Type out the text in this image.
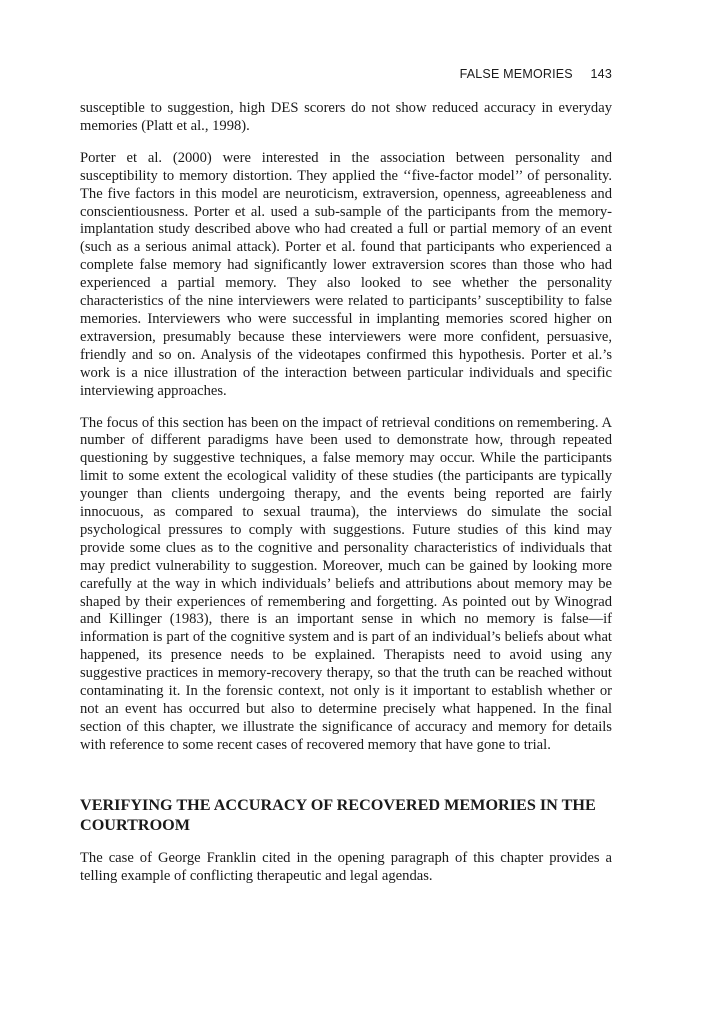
FALSE MEMORIES 143

susceptible to suggestion, high DES scorers do not show reduced accuracy in everyday memories (Platt et al., 1998).

Porter et al. (2000) were interested in the association between personality and susceptibility to memory distortion. They applied the ‘‘five-factor model’’ of personality. The five factors in this model are neuroticism, extraversion, openness, agreeableness and conscientiousness. Porter et al. used a sub-sample of the participants from the memory-implantation study described above who had created a full or partial memory of an event (such as a serious animal attack). Porter et al. found that participants who experienced a complete false memory had significantly lower extraversion scores than those who had experienced a partial memory. They also looked to see whether the personality characteristics of the nine interviewers were related to participants’ susceptibility to false memories. Interviewers who were successful in implanting memories scored higher on extraversion, presumably because these interviewers were more confident, persuasive, friendly and so on. Analysis of the videotapes confirmed this hypothesis. Porter et al.’s work is a nice illustration of the interaction between particular individuals and specific interviewing approaches.

The focus of this section has been on the impact of retrieval conditions on remembering. A number of different paradigms have been used to demonstrate how, through repeated questioning by suggestive techniques, a false memory may occur. While the participants limit to some extent the ecological validity of these studies (the participants are typically younger than clients undergoing therapy, and the events being reported are fairly innocuous, as compared to sexual trauma), the interviews do simulate the social psychological pressures to comply with suggestions. Future studies of this kind may provide some clues as to the cognitive and personality characteristics of individuals that may predict vulnerability to suggestion. Moreover, much can be gained by looking more carefully at the way in which individuals’ beliefs and attributions about memory may be shaped by their experiences of remembering and forgetting. As pointed out by Winograd and Killinger (1983), there is an important sense in which no memory is false—if information is part of the cognitive system and is part of an individual’s beliefs about what happened, its presence needs to be explained. Therapists need to avoid using any suggestive practices in memory-recovery therapy, so that the truth can be reached without contaminating it. In the forensic context, not only is it important to establish whether or not an event has occurred but also to determine precisely what happened. In the final section of this chapter, we illustrate the significance of accuracy and memory for details with reference to some recent cases of recovered memory that have gone to trial.

VERIFYING THE ACCURACY OF RECOVERED MEMORIES IN THE COURTROOM

The case of George Franklin cited in the opening paragraph of this chapter provides a telling example of conflicting therapeutic and legal agendas.
